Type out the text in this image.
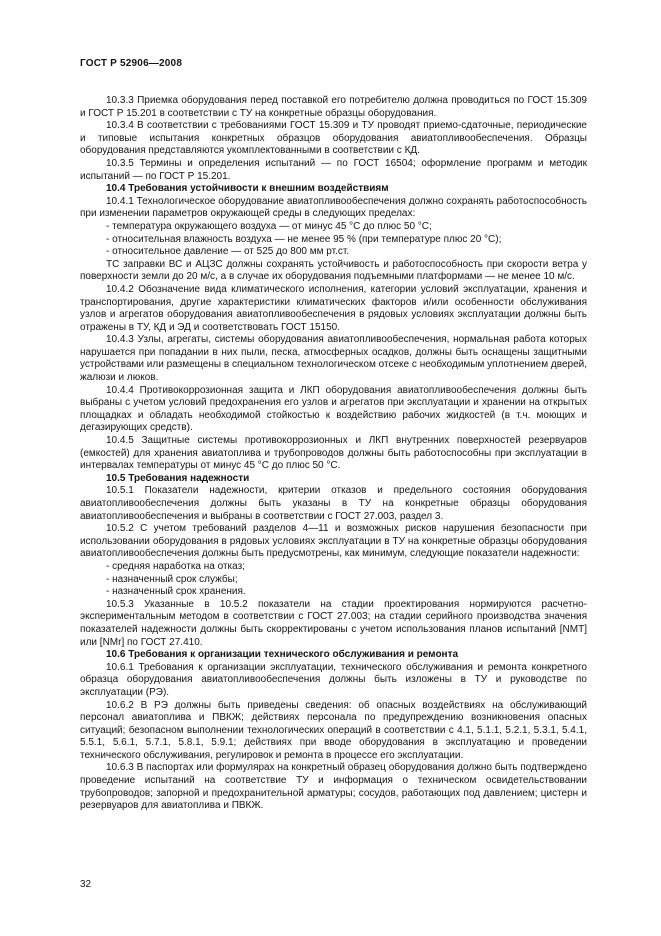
ГОСТ Р 52906—2008

10.3.3 Приемка оборудования перед поставкой его потребителю должна проводиться по ГОСТ 15.309 и ГОСТ Р 15.201 в соответствии с ТУ на конкретные образцы оборудования.

10.3.4 В соответствии с требованиями ГОСТ 15.309 и ТУ проводят приемо-сдаточные, периодические и типовые испытания конкретных образцов оборудования авиатопливообеспечения. Образцы оборудования представляются укомплектованными в соответствии с КД.

10.3.5 Термины и определения испытаний — по ГОСТ 16504; оформление программ и методик испытаний — по ГОСТ Р 15.201.

10.4 Требования устойчивости к внешним воздействиям

10.4.1 Технологическое оборудование авиатопливообеспечения должно сохранять работоспособность при изменении параметров окружающей среды в следующих пределах:

- температура окружающего воздуха — от минус 45 °С до плюс 50 °С;

- относительная влажность воздуха — не менее 95 % (при температуре плюс 20 °С);

- относительное давление — от 525 до 800 мм рт.ст.

ТС заправки ВС и АЦЗС должны сохранять устойчивость и работоспособность при скорости ветра у поверхности земли до 20 м/с, а в случае их оборудования подъемными платформами — не менее 10 м/с.

10.4.2 Обозначение вида климатического исполнения, категории условий эксплуатации, хранения и транспортирования, другие характеристики климатических факторов и/или особенности обслуживания узлов и агрегатов оборудования авиатопливообеспечения в рядовых условиях эксплуатации должны быть отражены в ТУ, КД и ЭД и соответствовать ГОСТ 15150.

10.4.3 Узлы, агрегаты, системы оборудования авиатопливообеспечения, нормальная работа которых нарушается при попадании в них пыли, песка, атмосферных осадков, должны быть оснащены защитными устройствами или размещены в специальном технологическом отсеке с необходимым уплотнением дверей, жалюзи и люков.

10.4.4 Противокоррозионная защита и ЛКП оборудования авиатопливообеспечения должны быть выбраны с учетом условий предохранения его узлов и агрегатов при эксплуатации и хранении на открытых площадках и обладать необходимой стойкостью к воздействию рабочих жидкостей (в т.ч. моющих и дегазирующих средств).

10.4.5 Защитные системы противокоррозионных и ЛКП внутренних поверхностей резервуаров (емкостей) для хранения авиатоплива и трубопроводов должны быть работоспособны при эксплуатации в интервалах температуры от минус 45 °С до плюс 50 °С.

10.5 Требования надежности

10.5.1 Показатели надежности, критерии отказов и предельного состояния оборудования авиатопливообеспечения должны быть указаны в ТУ на конкретные образцы оборудования авиатопливообеспечения и выбраны в соответствии с ГОСТ 27.003, раздел 3.

10.5.2 С учетом требований разделов 4—11 и возможных рисков нарушения безопасности при использовании оборудования в рядовых условиях эксплуатации в ТУ на конкретные образцы оборудования авиатопливообеспечения должны быть предусмотрены, как минимум, следующие показатели надежности:

- средняя наработка на отказ;

- назначенный срок службы;

- назначенный срок хранения.

10.5.3 Указанные в 10.5.2 показатели на стадии проектирования нормируются расчетно-экспериментальным методом в соответствии с ГОСТ 27.003; на стадии серийного производства значения показателей надежности должны быть скорректированы с учетом использования планов испытаний [NMT] или [NMr] по ГОСТ 27.410.

10.6 Требования к организации технического обслуживания и ремонта

10.6.1 Требования к организации эксплуатации, технического обслуживания и ремонта конкретного образца оборудования авиатопливообеспечения должны быть изложены в ТУ и руководстве по эксплуатации (РЭ).

10.6.2 В РЭ должны быть приведены сведения: об опасных воздействиях на обслуживающий персонал авиатоплива и ПВКЖ; действиях персонала по предупреждению возникновения опасных ситуаций; безопасном выполнении технологических операций в соответствии с 4.1, 5.1.1, 5.2.1, 5.3.1, 5.4.1, 5.5.1, 5.6.1, 5.7.1, 5.8.1, 5.9.1; действиях при вводе оборудования в эксплуатацию и проведении технического обслуживания, регулировок и ремонта в процессе его эксплуатации.

10.6.3 В паспортах или формулярах на конкретный образец оборудования должно быть подтверждено проведение испытаний на соответствие ТУ и информация о техническом освидетельствовании трубопроводов; запорной и предохранительной арматуры; сосудов, работающих под давлением; цистерн и резервуаров для авиатоплива и ПВКЖ.

32
